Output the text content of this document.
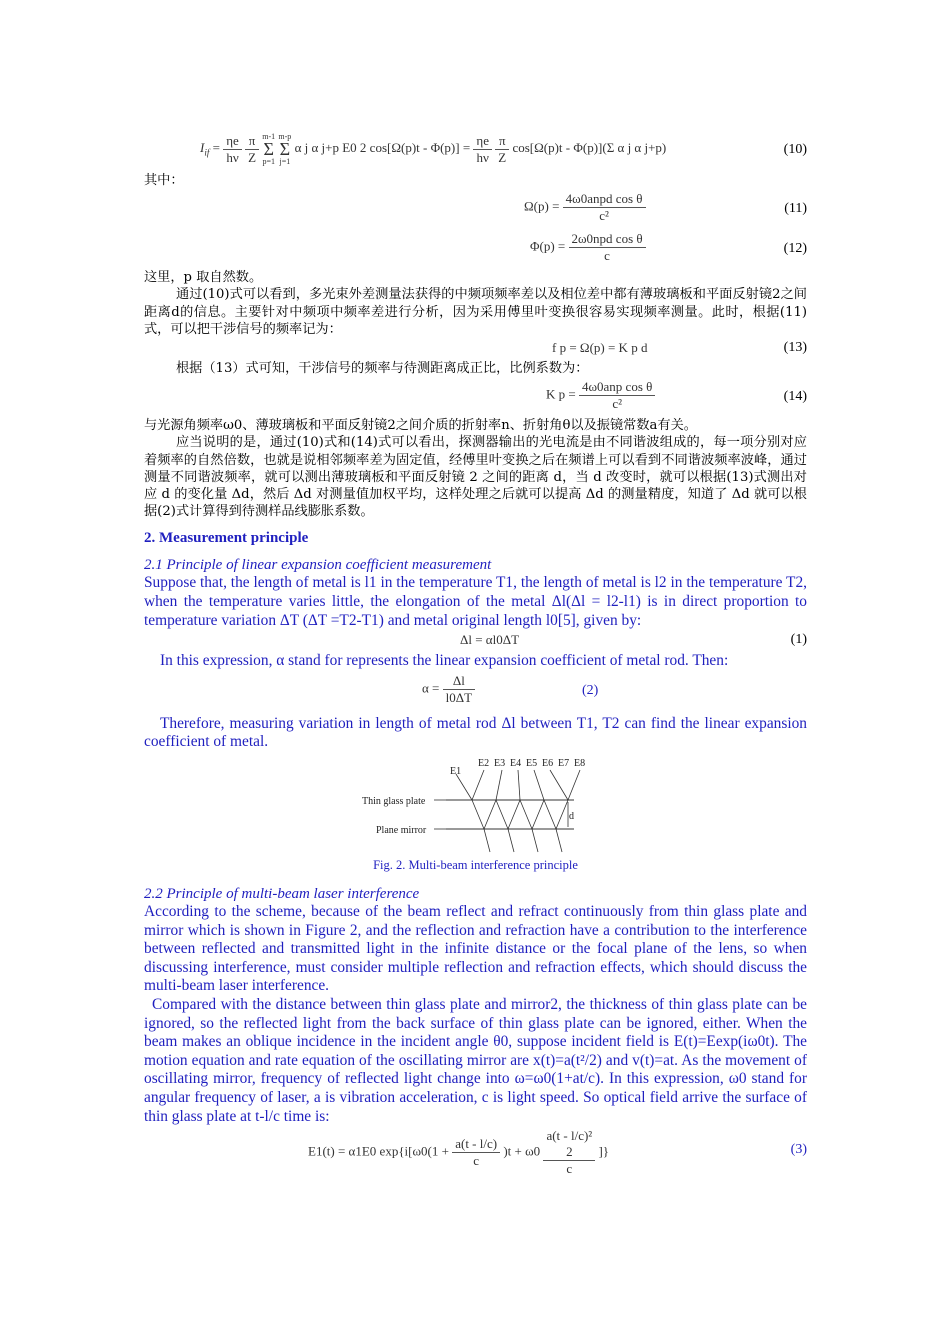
$I_{if} = \frac{\eta e}{h\nu}$
$\frac{\pi}{Z}$
m-1
Σ
p=1

m-p
Σ
j=1
α j α j+p E0 2 $\cos[\Omega(p)t - \Phi(p)] = \frac{\eta e}{h\nu}$
$\frac{\pi}{Z} \cos[\Omega(p)t - \Phi(p)](\Sigma$ α j α j+p)	(10)

其中：

$\Omega(p) = \frac{\text{4ω0anpd cos θ}}{\text{c²}}$	(11)
$\Phi(p) = \frac{\text{2ω0npd cos θ}}{c}$	(12)

这里，p 取自然数。

通过(10)式可以看到，多光束外差测量法获得的中频项频率差以及相位差中都有薄玻璃板和平面反射镜2之间距离d的信息。主要针对中频项中频率差进行分析，因为采用傅里叶变换很容易实现频率测量。此时，根据(11)式，可以把干涉信号的频率记为：

f p = Ω(p) = K p d	(13)

根据（13）式可知，干涉信号的频率与待测距离成正比，比例系数为：

K $p = \frac{\text{4ω0anp cos θ}}{\text{c²}}$	(14)

与光源角频率ω0、薄玻璃板和平面反射镜2之间介质的折射率n、折射角θ以及振镜常数a有关。

应当说明的是，通过(10)式和(14)式可以看出，探测器输出的光电流是由不同谐波组成的，每一项分别对应着频率的自然倍数，也就是说相邻频率差为固定值，经傅里叶变换之后在频谱上可以看到不同谐波频率波峰，通过测量不同谐波频率，就可以测出薄玻璃板和平面反射镜 2 之间的距离 d，当 d 改变时，就可以根据(13)式测出对应 d 的变化量 Δd，然后 Δd 对测量值加权平均，这样处理之后就可以提高 Δd 的测量精度，知道了 Δd 就可以根据(2)式计算得到待测样品线膨胀系数。

2. Measurement principle

2.1 Principle of linear expansion coefficient measurement

Suppose that, the length of metal is l1 in the temperature T1, the length of metal is l2 in the temperature T2, when the temperature varies little, the elongation of the metal Δl(Δl = l2-l1) is in direct proportion to temperature variation ΔT (ΔT =T2-T1) and metal original length l0[5], given by:

Δl = αl0ΔT	(1)

In this expression, α stand for represents the linear expansion coefficient of metal rod. Then:

$\alpha = \frac{\Delta l}{l0\Delta T}$	(2)

Therefore, measuring variation in length of metal rod Δl between T1, T2 can find the linear expansion coefficient of metal.

E1
E2 E3 E4 E5 E6 E7 E8
Thin glass plate
Plane mirror
d
Fig. 2. Multi-beam interference principle

2.2 Principle of multi-beam laser interference

According to the scheme, because of the beam reflect and refract continuously from thin glass plate and mirror which is shown in Figure 2, and the reflection and refraction have a contribution to the interference between reflected and transmitted light in the infinite distance or the focal plane of the lens, so when discussing interference, must consider multiple reflection and refraction effects, which should discuss the multi-beam laser interference.

Compared with the distance between thin glass plate and mirror2, the thickness of thin glass plate can be ignored, so the reflected light from the back surface of thin glass plate can be ignored, either. When the beam makes an oblique incidence in the incident angle θ0, suppose incident field is E(t)=Eexp(iω0t). The motion equation and rate equation of the oscillating mirror are x(t)=a(t²/2) and v(t)=at. As the movement of oscillating mirror, frequency of reflected light change into ω=ω0(1+at/c). In this expression, ω0 stand for angular frequency of laser, a is vibration acceleration, c is light speed. So optical field arrive the surface of thin glass plate at t-l/c time is:

E1(t) = α1E0 $\exp\{i[\omega 0(1 + \frac{a(t - l/c)}{c} )t + \omega 0$
a(t - l/c)²
2
c
]}	(3)
